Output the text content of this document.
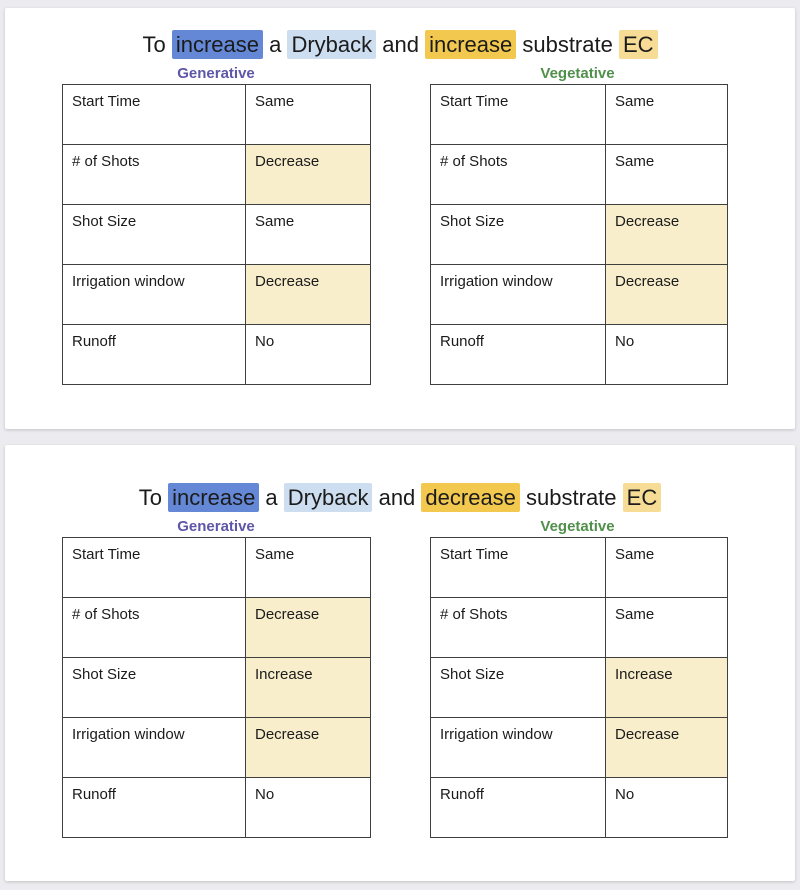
To increase a Dryback and increase substrate EC
Generative	Vegetative
Start Time	Same
# of Shots	Decrease
Shot Size	Same
Irrigation window	Decrease
Runoff	No
Start Time	Same
# of Shots	Same
Shot Size	Decrease
Irrigation window	Decrease
Runoff	No
To increase a Dryback and decrease substrate EC
Generative	Vegetative
Start Time	Same
# of Shots	Decrease
Shot Size	Increase
Irrigation window	Decrease
Runoff	No
Start Time	Same
# of Shots	Same
Shot Size	Increase
Irrigation window	Decrease
Runoff	No
